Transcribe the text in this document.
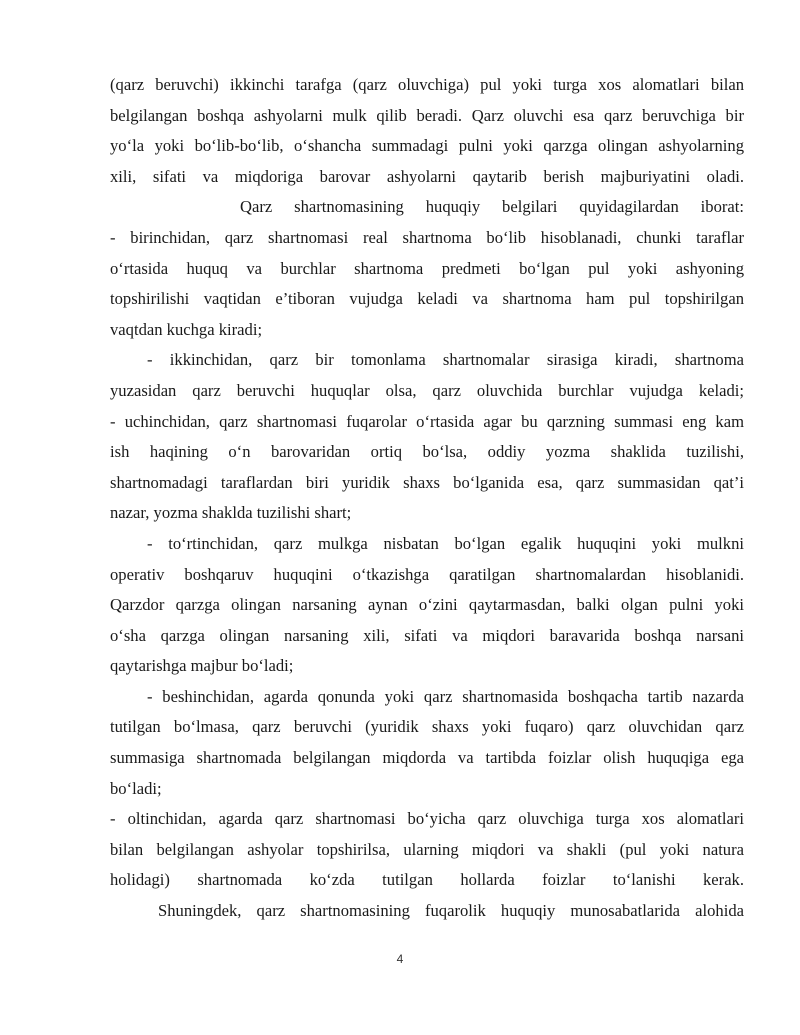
(qarz beruvchi) ikkinchi tarafga (qarz oluvchiga) pul yoki turga xos alomatlari bilan
belgilangan boshqa ashyolarni mulk qilib beradi. Qarz oluvchi esa qarz beruvchiga bir
yo‘la yoki bo‘lib-bo‘lib, o‘shancha summadagi pulni yoki qarzga olingan ashyolarning
xili, sifati va miqdoriga barovar ashyolarni qaytarib berish majburiyatini oladi.
Qarz shartnomasining huquqiy belgilari quyidagilardan iborat:
- birinchidan, qarz shartnomasi real shartnoma bo‘lib hisoblanadi, chunki taraflar
o‘rtasida huquq va burchlar shartnoma predmeti bo‘lgan pul yoki ashyoning
topshirilishi vaqtidan e’tiboran vujudga keladi va shartnoma ham pul topshirilgan
vaqtdan kuchga kiradi;
- ikkinchidan, qarz bir tomonlama shartnomalar sirasiga kiradi, shartnoma
yuzasidan qarz beruvchi huquqlar olsa, qarz oluvchida burchlar vujudga keladi;
- uchinchidan, qarz shartnomasi fuqarolar o‘rtasida agar bu qarzning summasi eng kam
ish haqining o‘n barovaridan ortiq bo‘lsa, oddiy yozma shaklida tuzilishi,
shartnomadagi taraflardan biri yuridik shaxs bo‘lganida esa, qarz summasidan qat’i
nazar, yozma shakldа tuzilishi shart;
- to‘rtinchidan, qarz mulkga nisbatan bo‘lgan egalik huquqini yoki mulkni
operativ boshqaruv huquqini o‘tkazishga qaratilgan shartnomalardan hisoblanidi.
Qarzdor qarzga olingan narsaning aynan o‘zini qaytarmasdan, balki olgan pulni yoki
o‘sha qarzga olingan narsaning xili, sifati va miqdori baravarida boshqa narsani
qaytarishga majbur bo‘ladi;
- beshinchidan, agarda qonunda yoki qarz shartnomasida boshqacha tartib nazarda
tutilgan bo‘lmasa, qarz beruvchi (yuridik shaxs yoki fuqaro) qarz oluvchidan qarz
summasiga shartnomada belgilangan miqdorda va tartibda foizlar olish huquqiga ega
bo‘ladi;
- oltinchidan, agarda qarz shartnomasi bo‘yicha qarz oluvchiga turga xos alomatlari
bilan belgilangan ashyolar topshirilsa, ularning miqdori va shakli (pul yoki natura
holidagi) shartnomada ko‘zda tutilgan hollarda foizlar to‘lanishi kerak.
Shuningdek, qarz shartnomasining fuqarolik huquqiy munosabatlarida alohida
4
